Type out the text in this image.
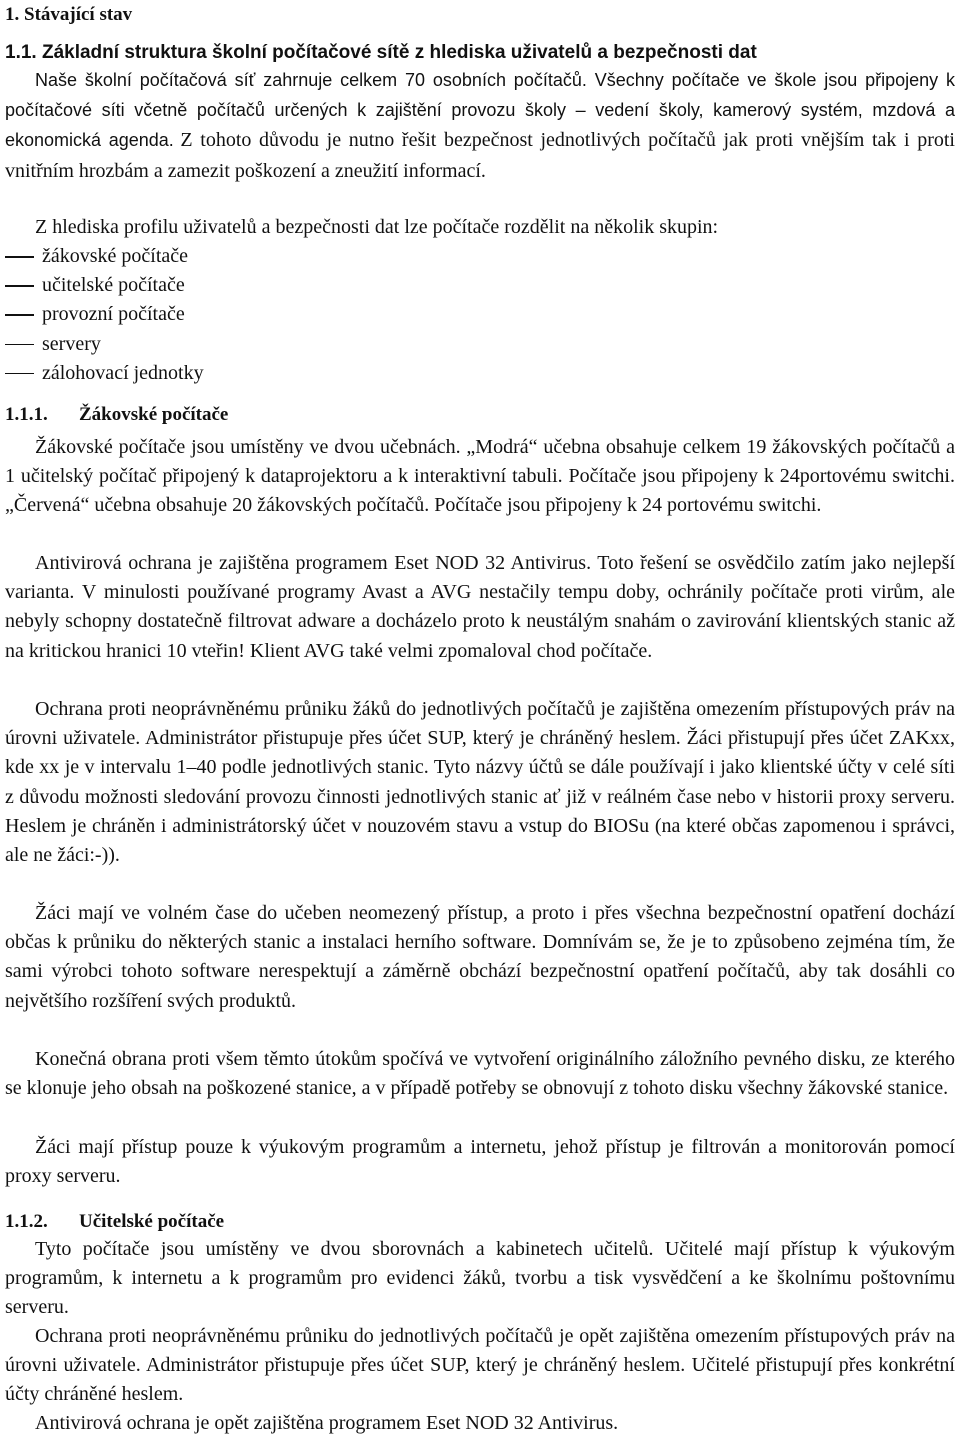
1. Stávající stav
1.1. Základní struktura školní počítačové sítě z hlediska uživatelů a bezpečnosti dat

Naše školní počítačová síť zahrnuje celkem 70 osobních počítačů. Všechny počítače ve škole jsou připojeny k počítačové síti včetně počítačů určených k zajištění provozu školy – vedení školy, kamerový systém, mzdová a ekonomická agenda. Z tohoto důvodu je nutno řešit bezpečnost jednotlivých počítačů jak proti vnějším tak i proti vnitřním hrozbám a zamezit poškození a zneužití informací.

Z hlediska profilu uživatelů a bezpečnosti dat lze počítače rozdělit na několik skupin:

žákovské počítače
učitelské počítače
provozní počítače
servery
zálohovací jednotky
1.1.1. Žákovské počítače

Žákovské počítače jsou umístěny ve dvou učebnách. „Modrá“ učebna obsahuje celkem 19 žákovských počítačů a 1 učitelský počítač připojený k dataprojektoru a k interaktivní tabuli. Počítače jsou připojeny k 24portovému switchi. „Červená“ učebna obsahuje 20 žákovských počítačů. Počítače jsou připojeny k 24 portovému switchi.

Antivirová ochrana je zajištěna programem Eset NOD 32 Antivirus. Toto řešení se osvědčilo zatím jako nejlepší varianta. V minulosti používané programy Avast a AVG nestačily tempu doby, ochránily počítače proti virům, ale nebyly schopny dostatečně filtrovat adware a docházelo proto k neustálým snahám o zavirování klientských stanic až na kritickou hranici 10 vteřin! Klient AVG také velmi zpomaloval chod počítače.

Ochrana proti neoprávněnému průniku žáků do jednotlivých počítačů je zajištěna omezením přístupových práv na úrovni uživatele. Administrátor přistupuje přes účet SUP, který je chráněný heslem. Žáci přistupují přes účet ZAKxx, kde xx je v intervalu 1–40 podle jednotlivých stanic. Tyto názvy účtů se dále používají i jako klientské účty v celé síti z důvodu možnosti sledování provozu činnosti jednotlivých stanic ať již v reálném čase nebo v historii proxy serveru. Heslem je chráněn i administrátorský účet v nouzovém stavu a vstup do BIOSu (na které občas zapomenou i správci, ale ne žáci:-)).

Žáci mají ve volném čase do učeben neomezený přístup, a proto i přes všechna bezpečnostní opatření dochází občas k průniku do některých stanic a instalaci herního software. Domnívám se, že je to způsobeno zejména tím, že sami výrobci tohoto software nerespektují a záměrně obchází bezpečnostní opatření počítačů, aby tak dosáhli co největšího rozšíření svých produktů.

Konečná obrana proti všem těmto útokům spočívá ve vytvoření originálního záložního pevného disku, ze kterého se klonuje jeho obsah na poškozené stanice, a v případě potřeby se obnovují z tohoto disku všechny žákovské stanice.

Žáci mají přístup pouze k výukovým programům a internetu, jehož přístup je filtrován a monitorován pomocí proxy serveru.

1.1.2. Učitelské počítače

Tyto počítače jsou umístěny ve dvou sborovnách a kabinetech učitelů. Učitelé mají přístup k výukovým programům, k internetu a k programům pro evidenci žáků, tvorbu a tisk vysvědčení a ke školnímu poštovnímu serveru.

Ochrana proti neoprávněnému průniku do jednotlivých počítačů je opět zajištěna omezením přístupových práv na úrovni uživatele. Administrátor přistupuje přes účet SUP, který je chráněný heslem. Učitelé přistupují přes konkrétní účty chráněné heslem.

Antivirová ochrana je opět zajištěna programem Eset NOD 32 Antivirus.
